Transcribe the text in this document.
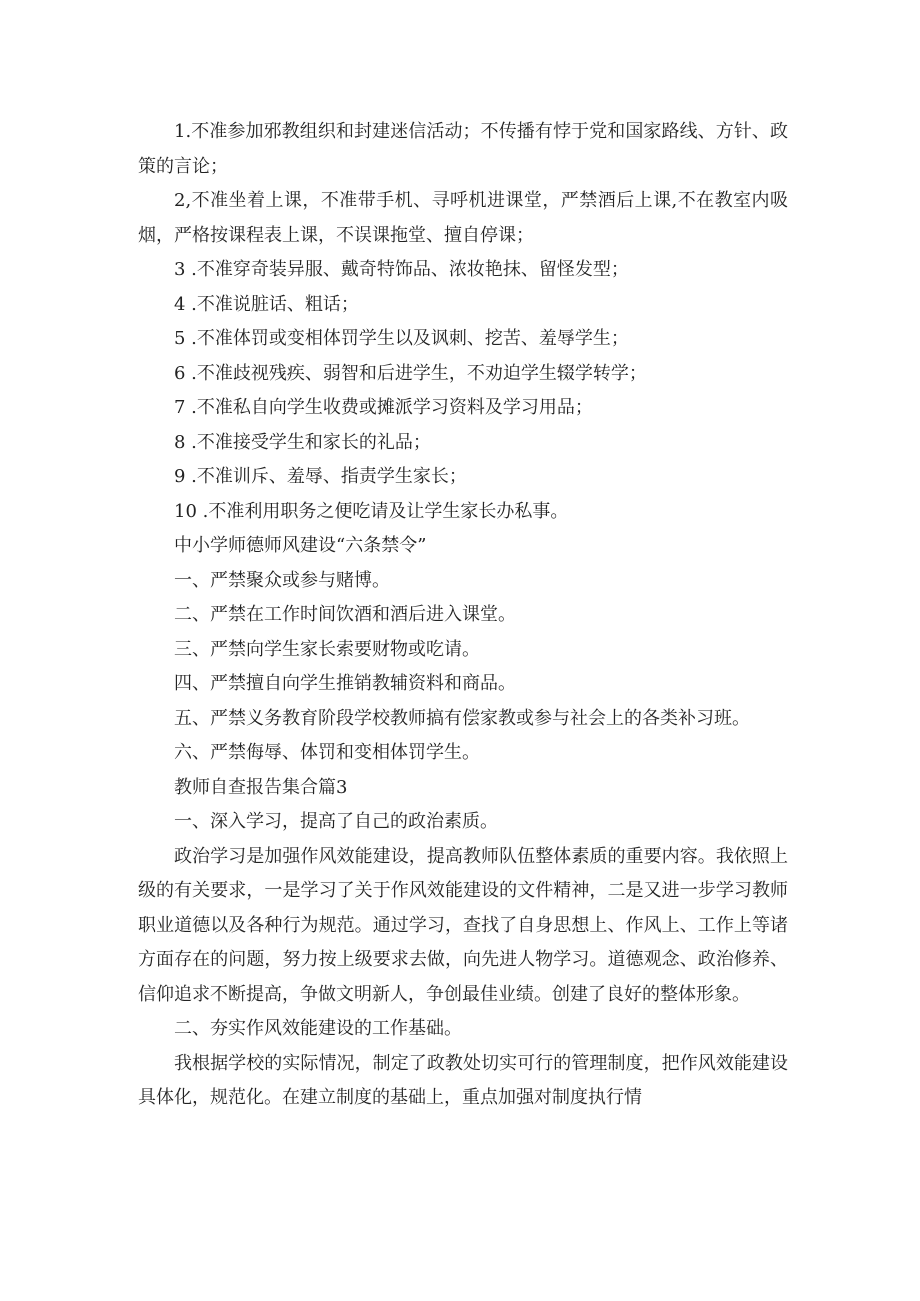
1.不准参加邪教组织和封建迷信活动；不传播有悖于党和国家路线、方针、政策的言论；

2,不准坐着上课，不准带手机、寻呼机进课堂，严禁酒后上课,不在教室内吸烟，严格按课程表上课，不误课拖堂、擅自停课；

3 .不准穿奇装异服、戴奇特饰品、浓妆艳抹、留怪发型；

4 .不准说脏话、粗话；

5 .不准体罚或变相体罚学生以及讽刺、挖苦、羞辱学生；

6 .不准歧视残疾、弱智和后进学生，不劝迫学生辍学转学；

7 .不准私自向学生收费或摊派学习资料及学习用品；

8 .不准接受学生和家长的礼品；

9 .不准训斥、羞辱、指责学生家长；

10 .不准利用职务之便吃请及让学生家长办私事。

中小学师德师风建设“六条禁令”

一、严禁聚众或参与赌博。

二、严禁在工作时间饮酒和酒后进入课堂。

三、严禁向学生家长索要财物或吃请。

四、严禁擅自向学生推销教辅资料和商品。

五、严禁义务教育阶段学校教师搞有偿家教或参与社会上的各类补习班。

六、严禁侮辱、体罚和变相体罚学生。

教师自查报告集合篇3

一、深入学习，提高了自己的政治素质。

政治学习是加强作风效能建设，提高教师队伍整体素质的重要内容。我依照上级的有关要求，一是学习了关于作风效能建设的文件精神，二是又进一步学习教师职业道德以及各种行为规范。通过学习，查找了自身思想上、作风上、工作上等诸方面存在的问题，努力按上级要求去做，向先进人物学习。道德观念、政治修养、信仰追求不断提高，争做文明新人，争创最佳业绩。创建了良好的整体形象。

二、夯实作风效能建设的工作基础。

我根据学校的实际情况，制定了政教处切实可行的管理制度，把作风效能建设具体化，规范化。在建立制度的基础上，重点加强对制度执行情
